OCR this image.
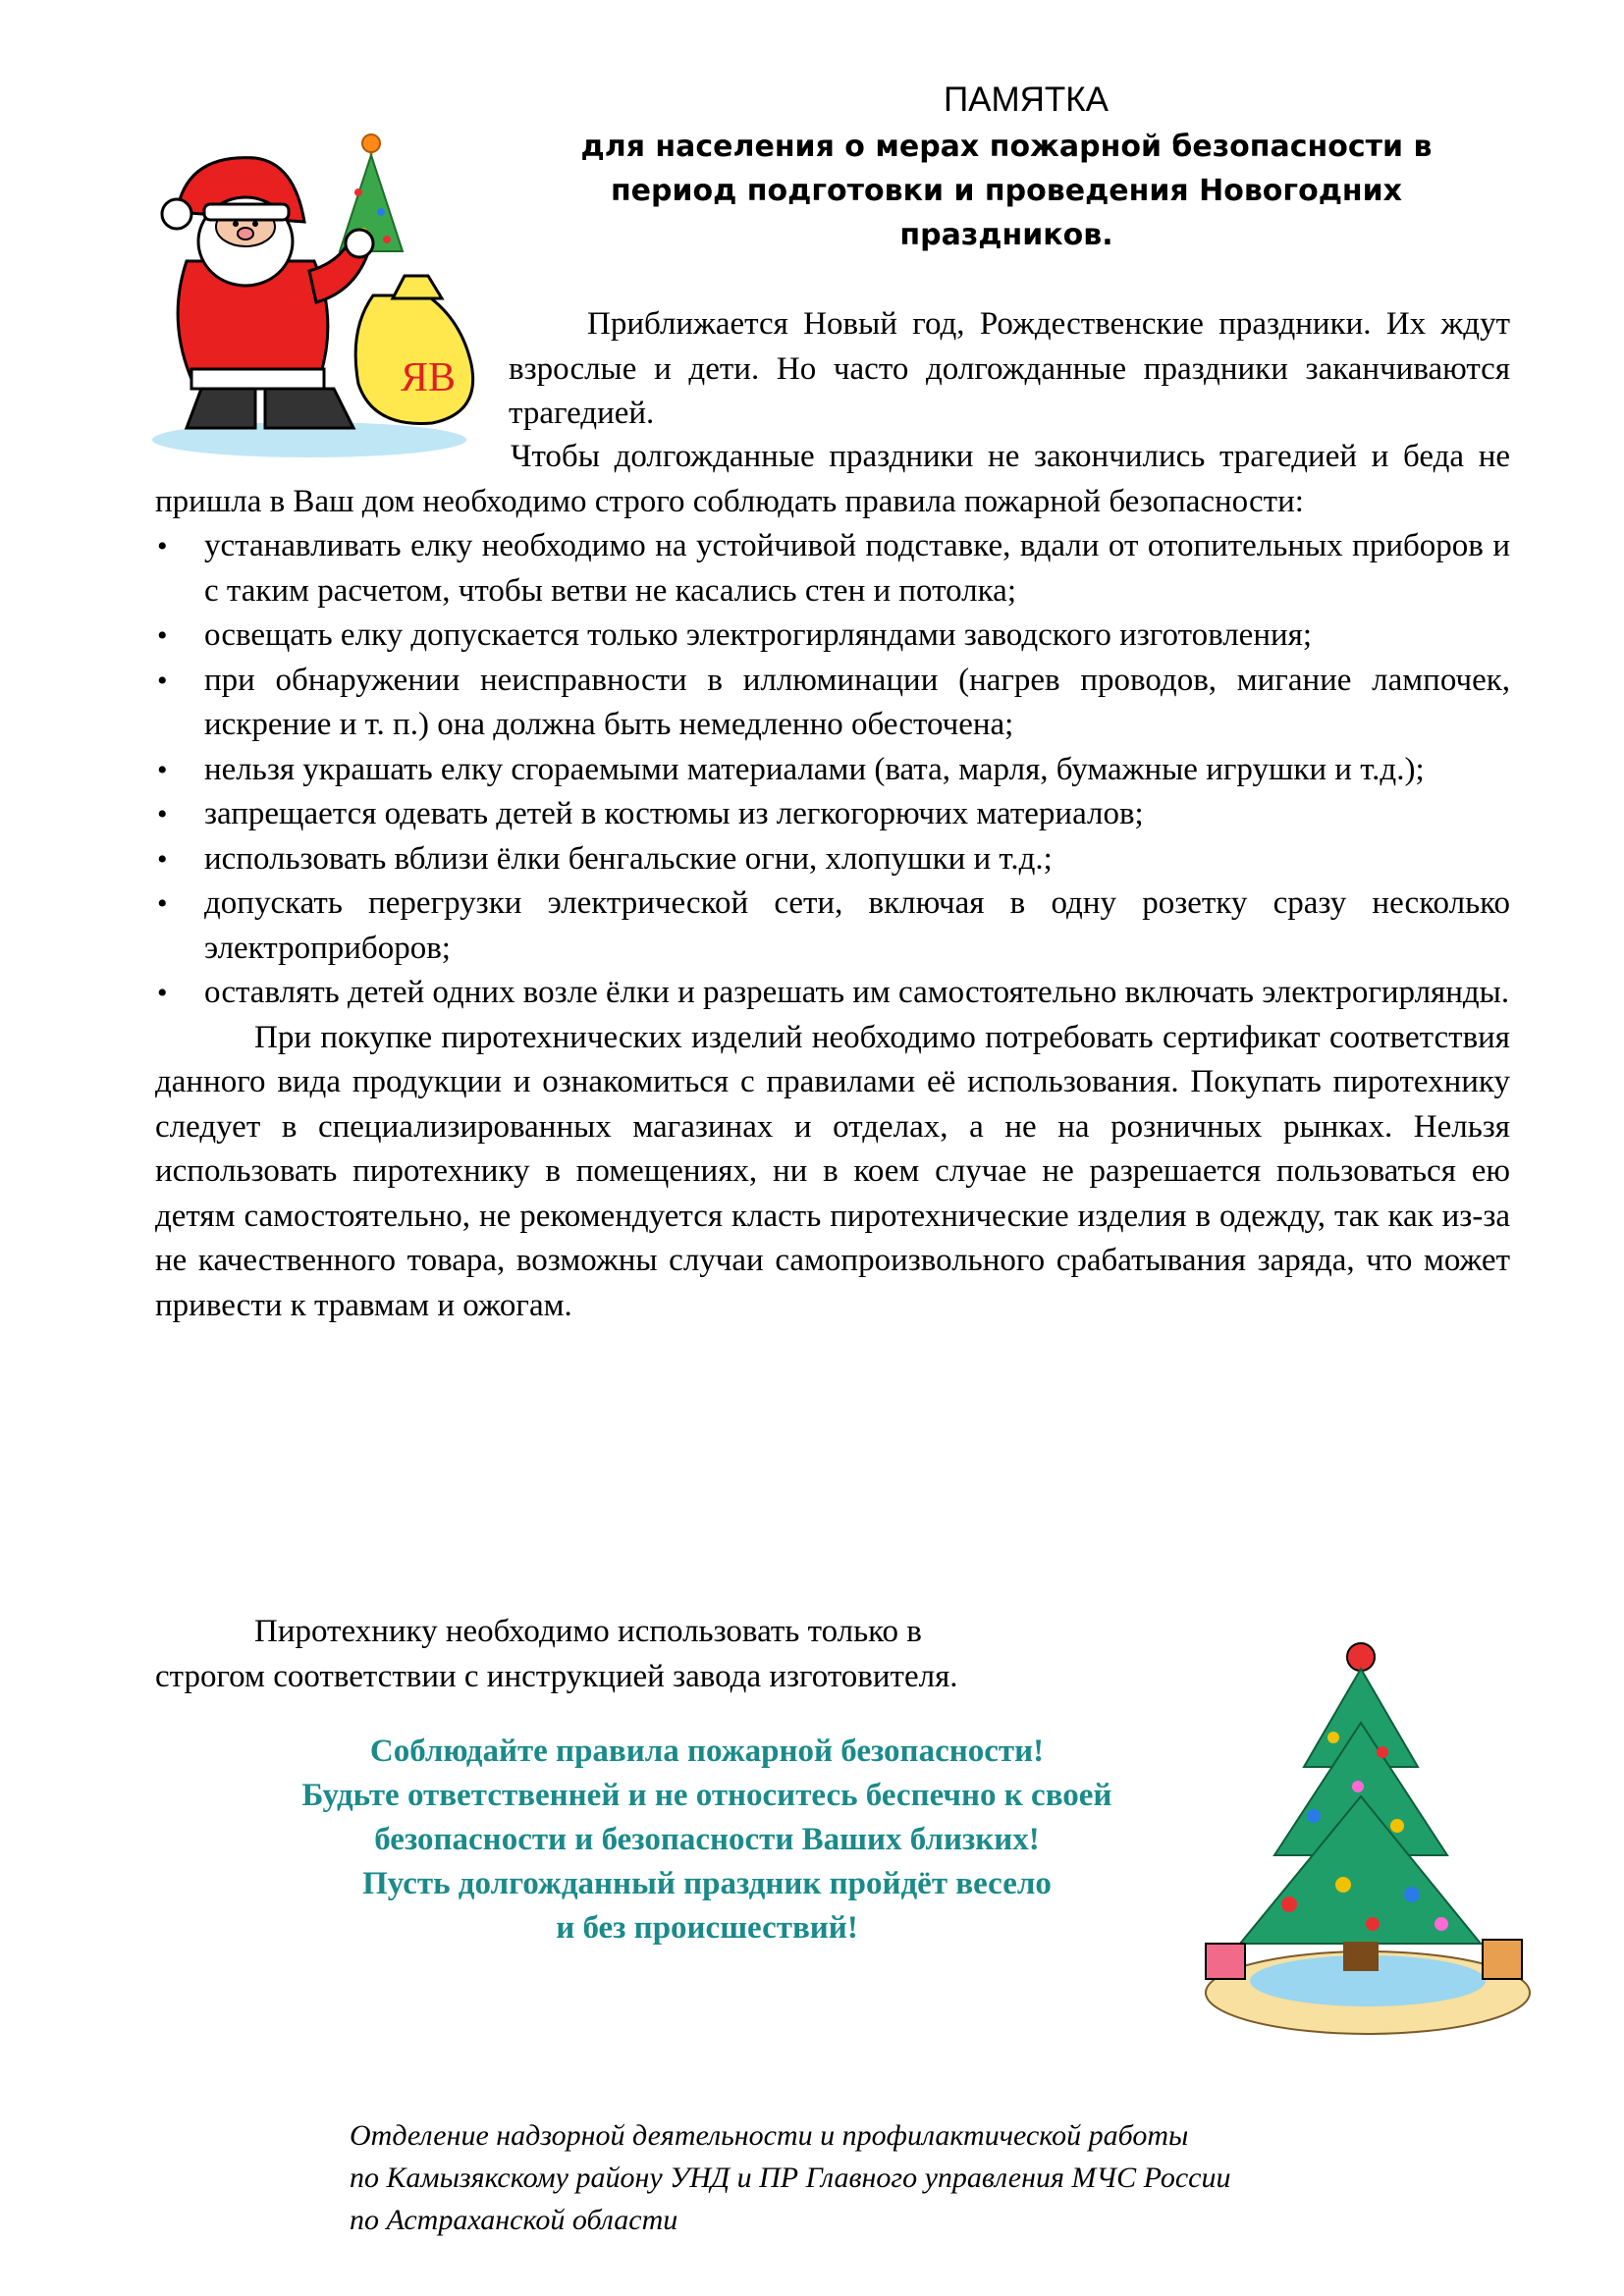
ЯВ
ПАМЯТКА
для населения о мерах пожарной безопасности в
период подготовки и проведения Новогодних
праздников.

Приближается Новый год, Рождественские праздники. Их ждут взрослые и дети. Но часто долгожданные праздники заканчиваются трагедией.

Чтобы долгожданные праздники не закончились трагедией и беда не пришла в Ваш дом необходимо строго соблюдать правила пожарной безопасности:

• устанавливать елку необходимо на устойчивой подставке, вдали от отопительных приборов и с таким расчетом, чтобы ветви не касались стен и потолка;
• освещать елку допускается только электрогирляндами заводского изготовления;
• при обнаружении неисправности в иллюминации (нагрев проводов, мигание лампочек, искрение и т. п.) она должна быть немедленно обесточена;
• нельзя украшать елку сгораемыми материалами (вата, марля, бумажные игрушки и т.д.);
• запрещается одевать детей в костюмы из легкогорючих материалов;
• использовать вблизи ёлки бенгальские огни, хлопушки и т.д.;
• допускать перегрузки электрической сети, включая в одну розетку сразу несколько электроприборов;
• оставлять детей одних возле ёлки и разрешать им самостоятельно включать электрогирлянды.

При покупке пиротехнических изделий необходимо потребовать сертификат соответствия данного вида продукции и ознакомиться с правилами её использования. Покупать пиротехнику следует в специализированных магазинах и отделах, а не на розничных рынках. Нельзя использовать пиротехнику в помещениях, ни в коем случае не разрешается пользоваться ею детям самостоятельно, не рекомендуется класть пиротехнические изделия в одежду, так как из-за не качественного товара, возможны случаи самопроизвольного срабатывания заряда, что может привести к травмам и ожогам.

Пиротехнику необходимо использовать только в

строгом соответствии с инструкцией завода изготовителя.

Соблюдайте правила пожарной безопасности!
Будьте ответственней и не относитесь беспечно к своей
безопасности и безопасности Ваших близких!
Пусть долгожданный праздник пройдёт весело
и без происшествий!
Отделение надзорной деятельности и профилактической работы
по Камызякскому району УНД и ПР Главного управления МЧС России
по Астраханской области
